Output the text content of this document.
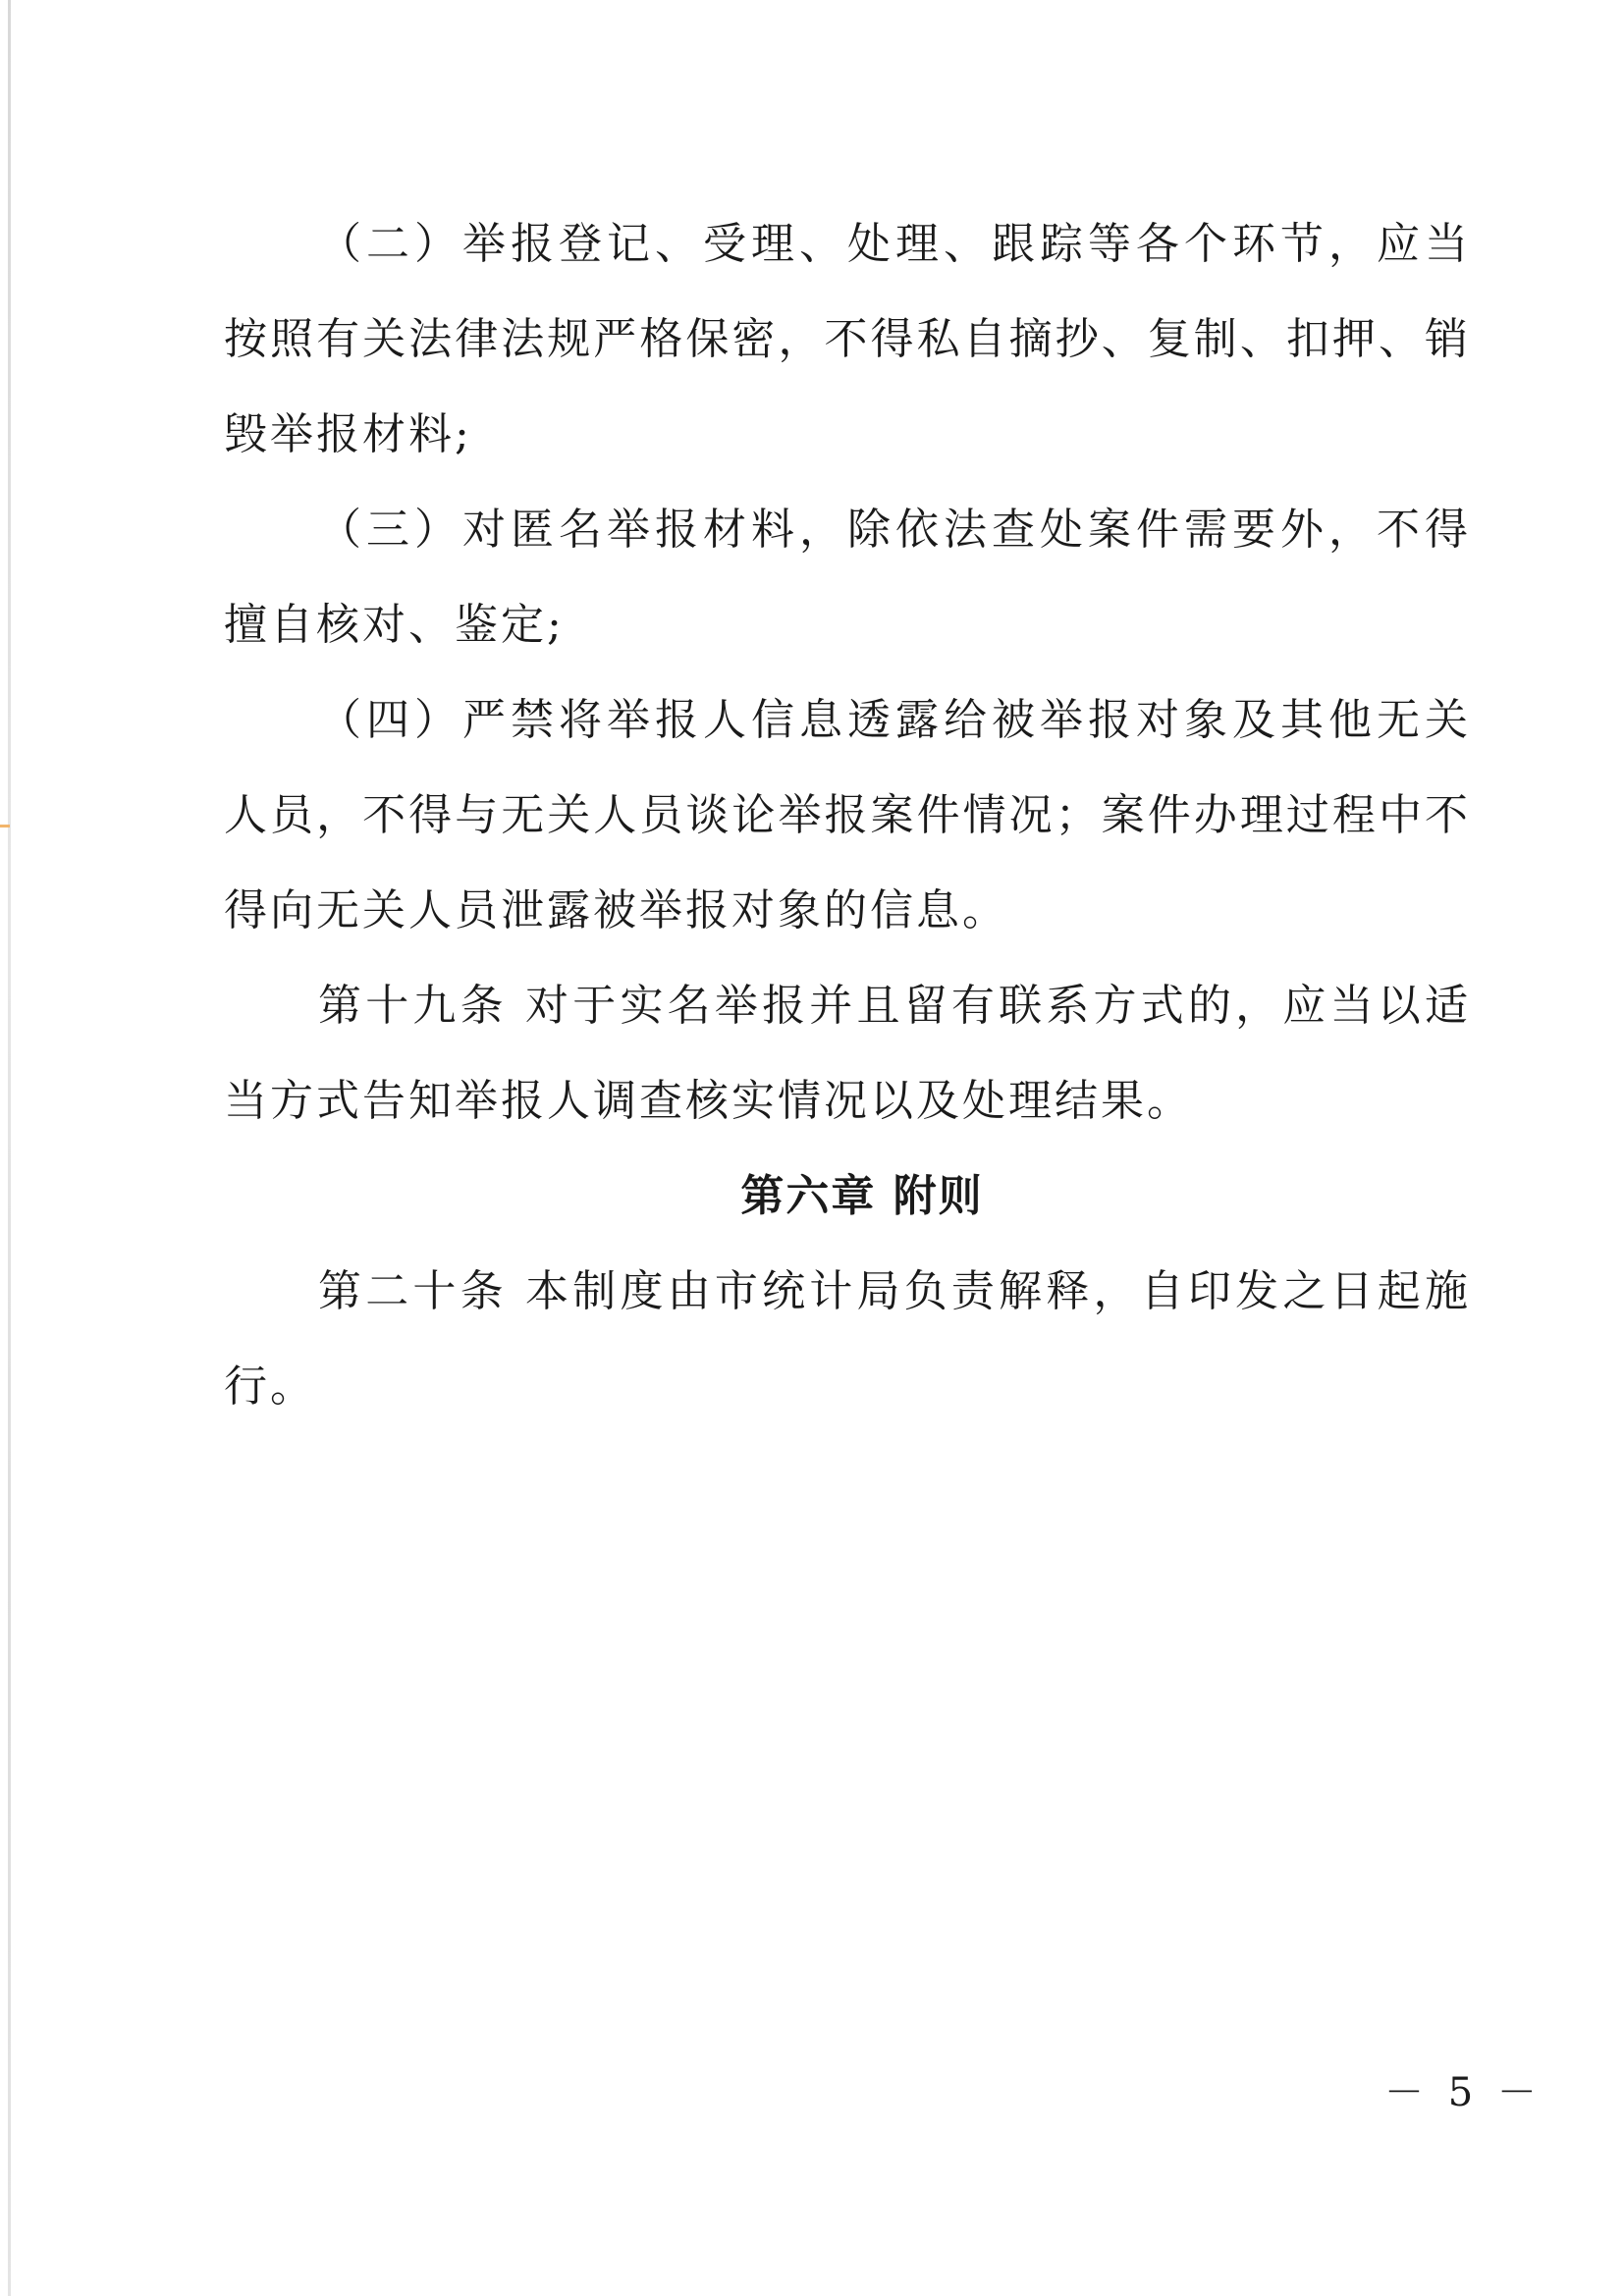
（二）举报登记、受理、处理、跟踪等各个环节，应当按照有关法律法规严格保密，不得私自摘抄、复制、扣押、销毁举报材料;

（三）对匿名举报材料，除依法查处案件需要外，不得擅自核对、鉴定;

（四）严禁将举报人信息透露给被举报对象及其他无关人员，不得与无关人员谈论举报案件情况；案件办理过程中不得向无关人员泄露被举报对象的信息。

第十九条 对于实名举报并且留有联系方式的，应当以适当方式告知举报人调查核实情况以及处理结果。

第六章 附则

第二十条 本制度由市统计局负责解释，自印发之日起施行。

－ 5 －
